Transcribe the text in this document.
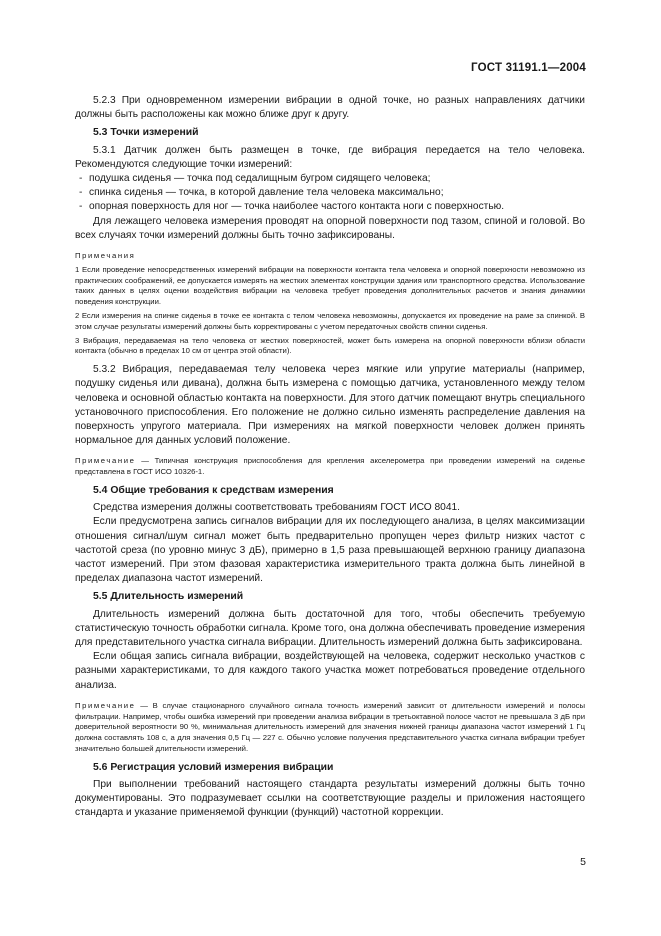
ГОСТ 31191.1—2004

5.2.3 При одновременном измерении вибрации в одной точке, но разных направлениях датчики должны быть расположены как можно ближе друг к другу.

5.3 Точки измерений

5.3.1 Датчик должен быть размещен в точке, где вибрация передается на тело человека. Рекомендуются следующие точки измерений:

- подушка сиденья — точка под седалищным бугром сидящего человека;
- спинка сиденья — точка, в которой давление тела человека максимально;
- опорная поверхность для ног — точка наиболее частого контакта ноги с поверхностью.

Для лежащего человека измерения проводят на опорной поверхности под тазом, спиной и головой. Во всех случаях точки измерений должны быть точно зафиксированы.

Примечания

1 Если проведение непосредственных измерений вибрации на поверхности контакта тела человека и опорной поверхности невозможно из практических соображений, ее допускается измерять на жестких элементах конструкции здания или транспортного средства. Использование таких данных в целях оценки воздействия вибрации на человека требует проведения дополнительных расчетов и знания динамики поведения конструкции.

2 Если измерения на спинке сиденья в точке ее контакта с телом человека невозможны, допускается их проведение на раме за спинкой. В этом случае результаты измерений должны быть корректированы с учетом передаточных свойств спинки сиденья.

3 Вибрация, передаваемая на тело человека от жестких поверхностей, может быть измерена на опорной поверхности вблизи области контакта (обычно в пределах 10 см от центра этой области).

5.3.2 Вибрация, передаваемая телу человека через мягкие или упругие материалы (например, подушку сиденья или дивана), должна быть измерена с помощью датчика, установленного между телом человека и основной областью контакта на поверхности. Для этого датчик помещают внутрь специального установочного приспособления. Его положение не должно сильно изменять распределение давления на поверхность упругого материала. При измерениях на мягкой поверхности человек должен принять нормальное для данных условий положение.

Примечание — Типичная конструкция приспособления для крепления акселерометра при проведении измерений на сиденье представлена в ГОСТ ИСО 10326-1.

5.4 Общие требования к средствам измерения

Средства измерения должны соответствовать требованиям ГОСТ ИСО 8041.

Если предусмотрена запись сигналов вибрации для их последующего анализа, в целях максимизации отношения сигнал/шум сигнал может быть предварительно пропущен через фильтр низких частот с частотой среза (по уровню минус 3 дБ), примерно в 1,5 раза превышающей верхнюю границу диапазона частот измерений. При этом фазовая характеристика измерительного тракта должна быть линейной в пределах диапазона частот измерений.

5.5 Длительность измерений

Длительность измерений должна быть достаточной для того, чтобы обеспечить требуемую статистическую точность обработки сигнала. Кроме того, она должна обеспечивать проведение измерения для представительного участка сигнала вибрации. Длительность измерений должна быть зафиксирована.

Если общая запись сигнала вибрации, воздействующей на человека, содержит несколько участков с разными характеристиками, то для каждого такого участка может потребоваться проведение отдельного анализа.

Примечание — В случае стационарного случайного сигнала точность измерений зависит от длительности измерений и полосы фильтрации. Например, чтобы ошибка измерений при проведении анализа вибрации в третьоктавной полосе частот не превышала 3 дБ при доверительной вероятности 90 %, минимальная длительность измерений для значения нижней границы диапазона частот измерений 1 Гц должна составлять 108 с, а для значения 0,5 Гц — 227 с. Обычно условие получения представительного участка сигнала вибрации требует значительно большей длительности измерений.

5.6 Регистрация условий измерения вибрации

При выполнении требований настоящего стандарта результаты измерений должны быть точно документированы. Это подразумевает ссылки на соответствующие разделы и приложения настоящего стандарта и указание применяемой функции (функций) частотной коррекции.

5
